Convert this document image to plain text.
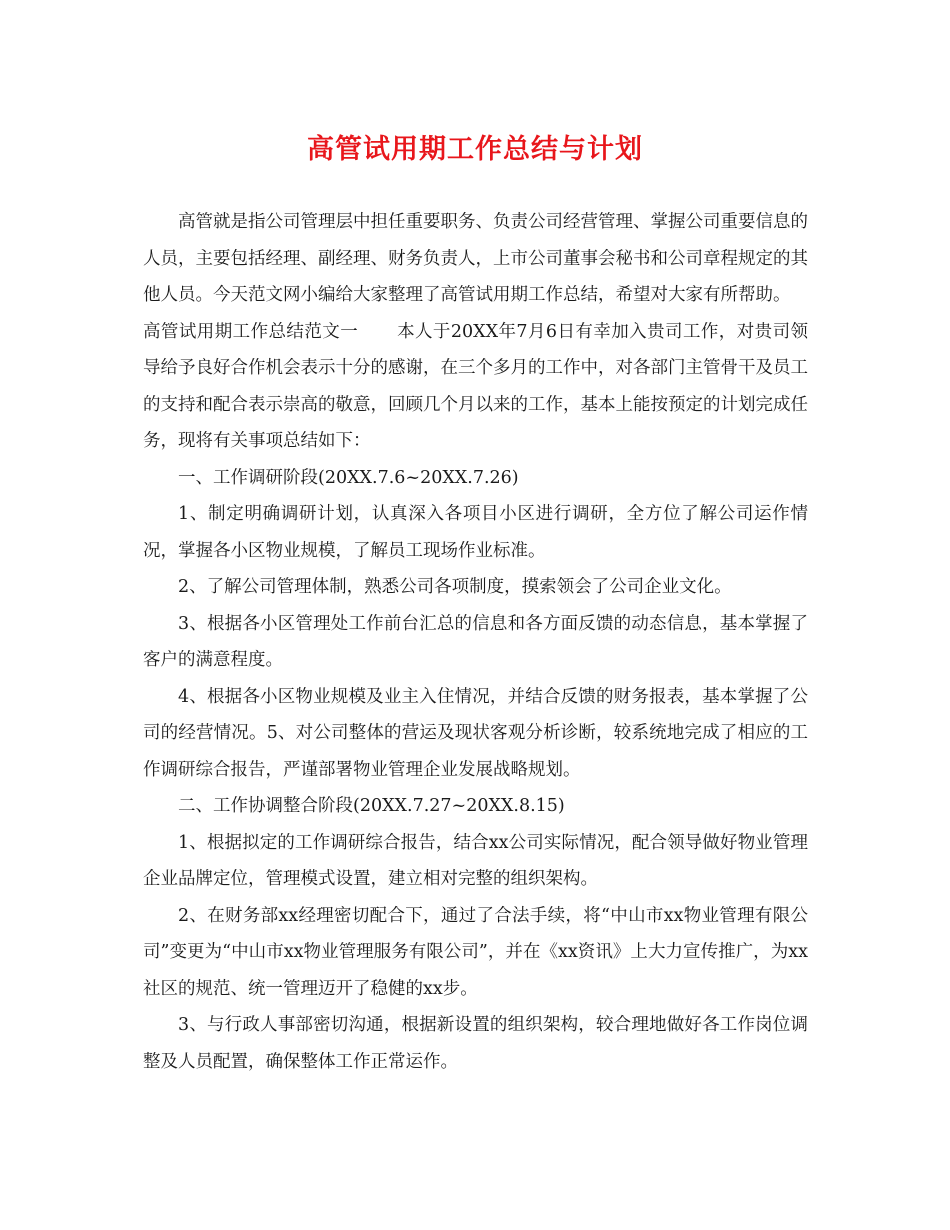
高管试用期工作总结与计划

高管就是指公司管理层中担任重要职务、负责公司经营管理、掌握公司重要信息的人员，主要包括经理、副经理、财务负责人，上市公司董事会秘书和公司章程规定的其他人员。今天范文网小编给大家整理了高管试用期工作总结，希望对大家有所帮助。

高管试用期工作总结范文一 本人于20XX年7月6日有幸加入贵司工作，对贵司领导给予良好合作机会表示十分的感谢，在三个多月的工作中，对各部门主管骨干及员工的支持和配合表示崇高的敬意，回顾几个月以来的工作，基本上能按预定的计划完成任务，现将有关事项总结如下：

一、工作调研阶段(20XX.7.6~20XX.7.26)

1、制定明确调研计划，认真深入各项目小区进行调研，全方位了解公司运作情况，掌握各小区物业规模，了解员工现场作业标准。

2、了解公司管理体制，熟悉公司各项制度，摸索领会了公司企业文化。

3、根据各小区管理处工作前台汇总的信息和各方面反馈的动态信息，基本掌握了客户的满意程度。

4、根据各小区物业规模及业主入住情况，并结合反馈的财务报表，基本掌握了公司的经营情况。5、对公司整体的营运及现状客观分析诊断，较系统地完成了相应的工作调研综合报告，严谨部署物业管理企业发展战略规划。

二、工作协调整合阶段(20XX.7.27~20XX.8.15)

1、根据拟定的工作调研综合报告，结合xx公司实际情况，配合领导做好物业管理企业品牌定位，管理模式设置，建立相对完整的组织架构。

2、在财务部xx经理密切配合下，通过了合法手续，将“中山市xx物业管理有限公司”变更为“中山市xx物业管理服务有限公司”，并在《xx资讯》上大力宣传推广，为xx社区的规范、统一管理迈开了稳健的xx步。

3、与行政人事部密切沟通，根据新设置的组织架构，较合理地做好各工作岗位调整及人员配置，确保整体工作正常运作。
